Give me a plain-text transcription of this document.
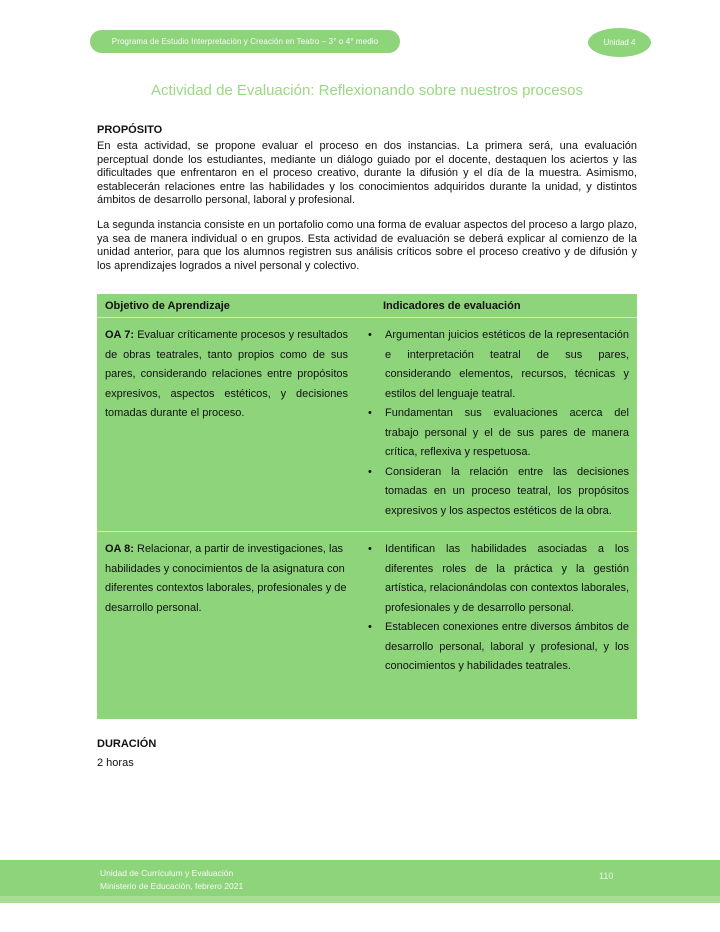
Programa de Estudio Interpretación y Creación en Teatro – 3° o 4° medio	Unidad 4
Actividad de Evaluación: Reflexionando sobre nuestros procesos

PROPÓSITO

En esta actividad, se propone evaluar el proceso en dos instancias. La primera será, una evaluación perceptual donde los estudiantes, mediante un diálogo guiado por el docente, destaquen los aciertos y las dificultades que enfrentaron en el proceso creativo, durante la difusión y el día de la muestra. Asimismo, establecerán relaciones entre las habilidades y los conocimientos adquiridos durante la unidad, y distintos ámbitos de desarrollo personal, laboral y profesional.

La segunda instancia consiste en un portafolio como una forma de evaluar aspectos del proceso a largo plazo, ya sea de manera individual o en grupos. Esta actividad de evaluación se deberá explicar al comienzo de la unidad anterior, para que los alumnos registren sus análisis críticos sobre el proceso creativo y de difusión y los aprendizajes logrados a nivel personal y colectivo.

Objetivo de Aprendizaje	Indicadores de evaluación
OA 7: Evaluar críticamente procesos y resultados de obras teatrales, tanto propios como de sus pares, considerando relaciones entre propósitos expresivos, aspectos estéticos, y decisiones tomadas durante el proceso.
•
Argumentan juicios estéticos de la representación e interpretación teatral de sus pares, considerando elementos, recursos, técnicas y estilos del lenguaje teatral.
•
Fundamentan sus evaluaciones acerca del trabajo personal y el de sus pares de manera crítica, reflexiva y respetuosa.
•
Consideran la relación entre las decisiones tomadas en un proceso teatral, los propósitos expresivos y los aspectos estéticos de la obra.
OA 8: Relacionar, a partir de investigaciones, las habilidades y conocimientos de la asignatura con diferentes contextos laborales, profesionales y de desarrollo personal.
•
Identifican las habilidades asociadas a los diferentes roles de la práctica y la gestión artística, relacionándolas con contextos laborales, profesionales y de desarrollo personal.
•
Establecen conexiones entre diversos ámbitos de desarrollo personal, laboral y profesional, y los conocimientos y habilidades teatrales.

DURACIÓN

2 horas
Unidad de Currículum y Evaluación
Ministerio de Educación, febrero 2021
110
